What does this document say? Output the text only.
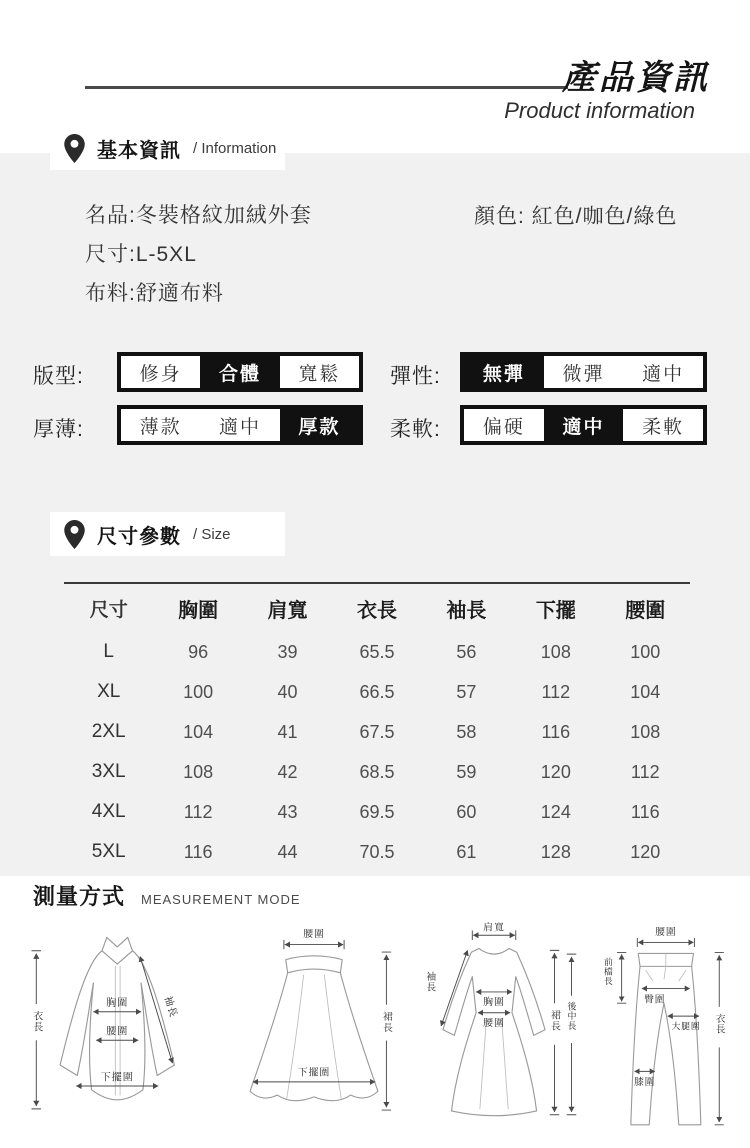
產品資訊
Product information
基本資訊 / Information
名品:冬裝格紋加絨外套
尺寸:L-5XL
布料:舒適布料
顏色: 紅色/咖色/綠色
版型:	修身	合體	寬鬆	彈性:	無彈	微彈	適中
厚薄:	薄款	適中	厚款	柔軟:	偏硬	適中	柔軟
尺寸參數 / Size
尺寸	胸圍	肩寬	衣長	袖長	下擺	腰圍
L	96	39	65.5	56	108	100
XL	100	40	66.5	57	112	104
2XL	104	41	67.5	58	116	108
3XL	108	42	68.5	59	120	112
4XL	112	43	69.5	60	124	116
5XL	116	44	70.5	61	128	120
測量方式 MEASUREMENT MODE
衣長
胸圍
腰圍
下擺圍
袖長
腰圍
下擺圍
裙長
肩寬
袖長
胸圍
腰圍	裙長 後中長
腰圍
前檔長
臀圍
大腿圍
膝圍
衣長
